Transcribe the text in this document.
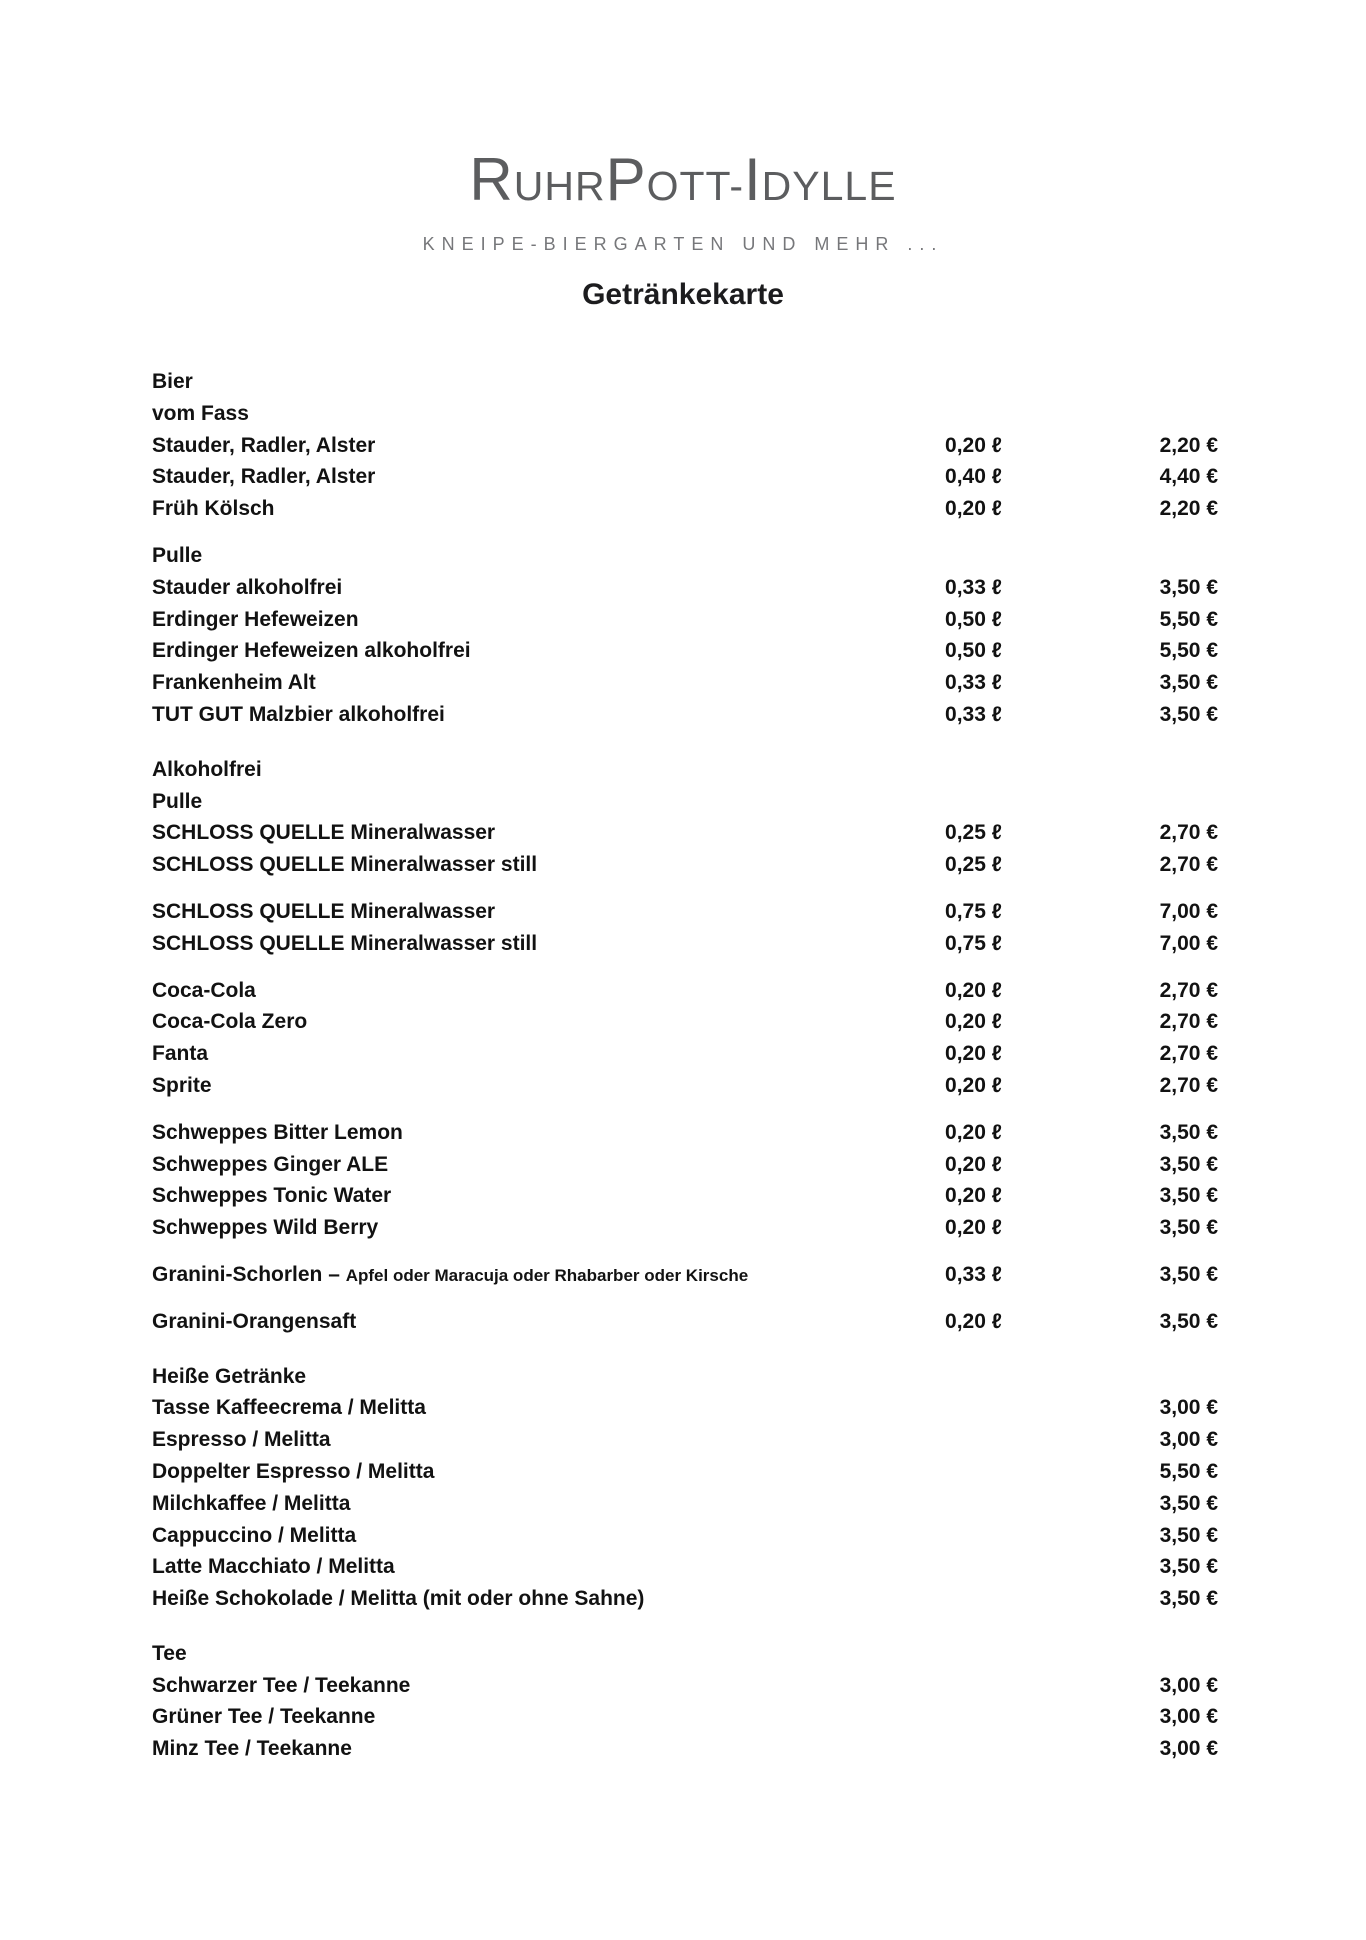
RUHRPOTT-IDYLLE
KNEIPE-BIERGARTEN UND MEHR ...
Getränkekarte
Bier
vom Fass
Stauder, Radler, Alster	0,20 ℓ	2,20 €
Stauder, Radler, Alster	0,40 ℓ	4,40 €
Früh Kölsch	0,20 ℓ	2,20 €
Pulle
Stauder alkoholfrei	0,33 ℓ	3,50 €
Erdinger Hefeweizen	0,50 ℓ	5,50 €
Erdinger Hefeweizen alkoholfrei	0,50 ℓ	5,50 €
Frankenheim Alt	0,33 ℓ	3,50 €
TUT GUT Malzbier alkoholfrei	0,33 ℓ	3,50 €
Alkoholfrei
Pulle
SCHLOSS QUELLE Mineralwasser	0,25 ℓ	2,70 €
SCHLOSS QUELLE Mineralwasser still	0,25 ℓ	2,70 €
SCHLOSS QUELLE Mineralwasser	0,75 ℓ	7,00 €
SCHLOSS QUELLE Mineralwasser still	0,75 ℓ	7,00 €
Coca-Cola	0,20 ℓ	2,70 €
Coca-Cola Zero	0,20 ℓ	2,70 €
Fanta	0,20 ℓ	2,70 €
Sprite	0,20 ℓ	2,70 €
Schweppes Bitter Lemon	0,20 ℓ	3,50 €
Schweppes Ginger ALE	0,20 ℓ	3,50 €
Schweppes Tonic Water	0,20 ℓ	3,50 €
Schweppes Wild Berry	0,20 ℓ	3,50 €
Granini-Schorlen – Apfel oder Maracuja oder Rhabarber oder Kirsche	0,33 ℓ	3,50 €
Granini-Orangensaft	0,20 ℓ	3,50 €
Heiße Getränke
Tasse Kaffeecrema / Melitta	3,00 €
Espresso / Melitta	3,00 €
Doppelter Espresso / Melitta	5,50 €
Milchkaffee / Melitta	3,50 €
Cappuccino / Melitta	3,50 €
Latte Macchiato / Melitta	3,50 €
Heiße Schokolade / Melitta (mit oder ohne Sahne)	3,50 €
Tee
Schwarzer Tee / Teekanne	3,00 €
Grüner Tee / Teekanne	3,00 €
Minz Tee / Teekanne	3,00 €
